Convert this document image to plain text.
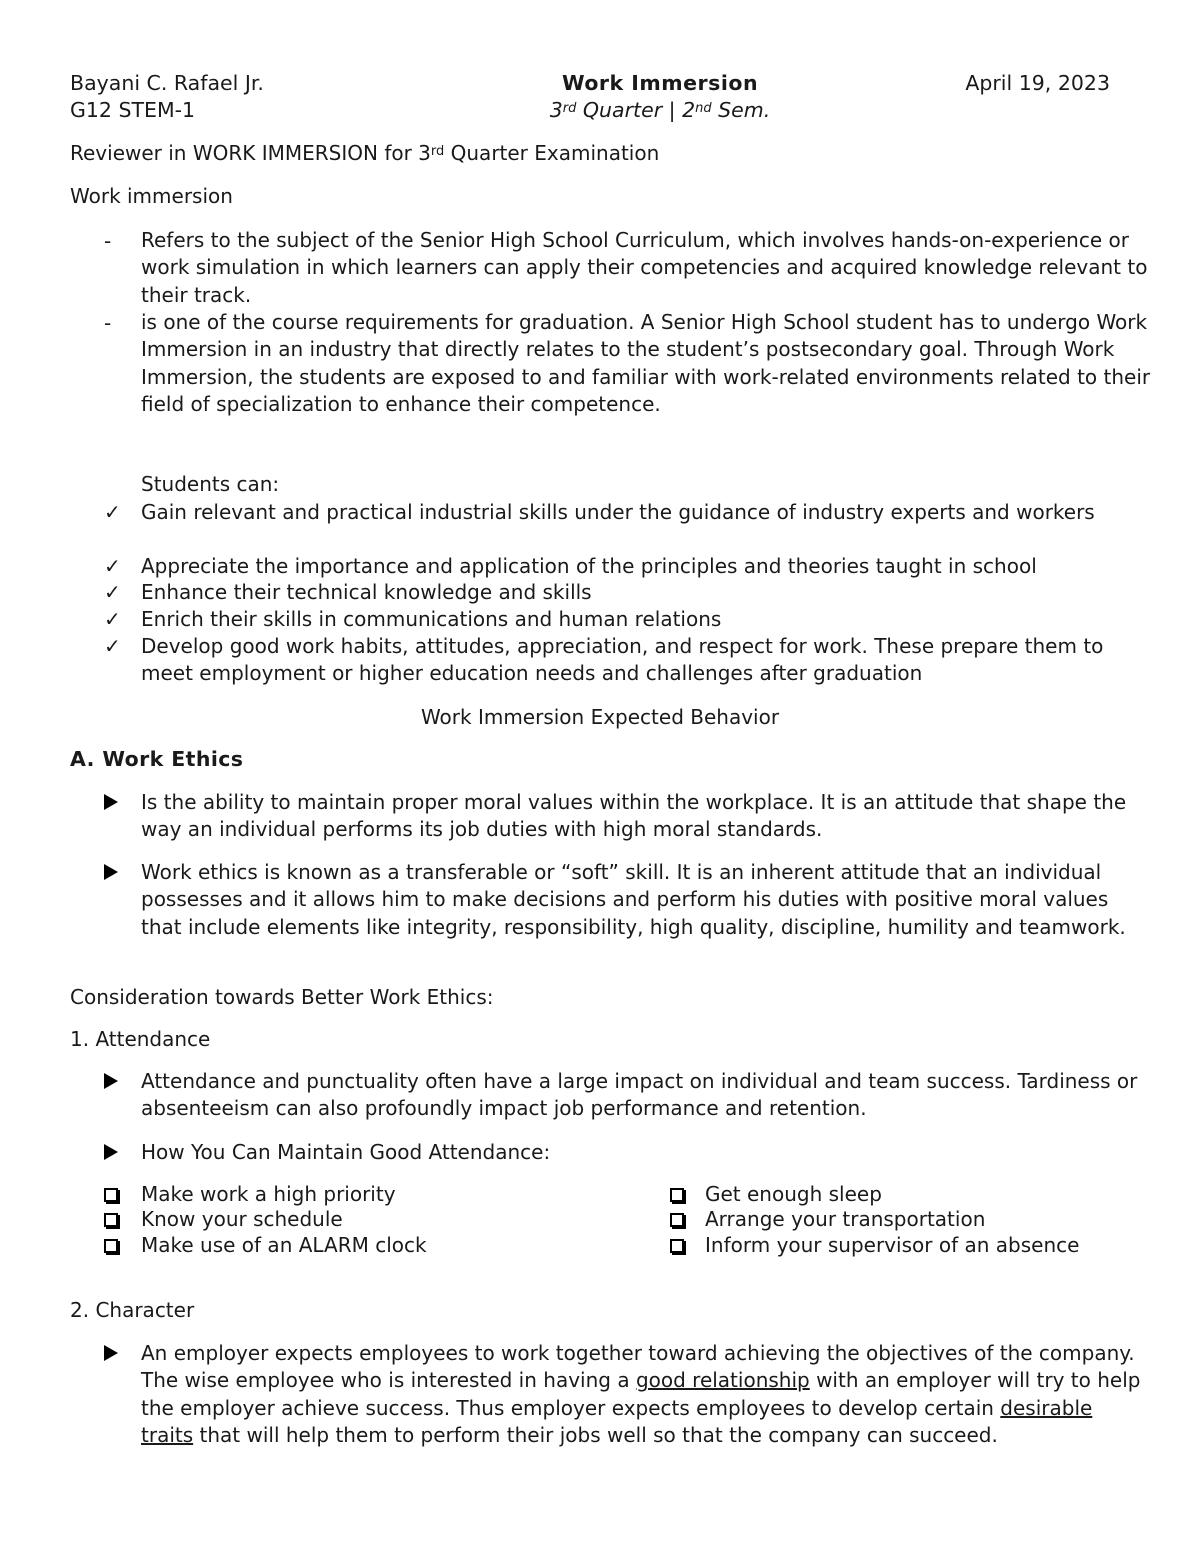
Bayani C. Rafael Jr.
G12 STEM-1
Work Immersion
3rd Quarter | 2nd Sem.
April 19, 2023
Reviewer in WORK IMMERSION for 3rd Quarter Examination
Work immersion
-	Refers to the subject of the Senior High School Curriculum, which involves hands-on-experience or work simulation in which learners can apply their competencies and acquired knowledge relevant to their track.
-	is one of the course requirements for graduation. A Senior High School student has to undergo Work Immersion in an industry that directly relates to the student’s postsecondary goal. Through Work Immersion, the students are exposed to and familiar with work-related environments related to their field of specialization to enhance their competence.
Students can:
✓	Gain relevant and practical industrial skills under the guidance of industry experts and workers
✓	Appreciate the importance and application of the principles and theories taught in school
✓	Enhance their technical knowledge and skills
✓	Enrich their skills in communications and human relations
✓	Develop good work habits, attitudes, appreciation, and respect for work. These prepare them to meet employment or higher education needs and challenges after graduation
Work Immersion Expected Behavior
A. Work Ethics
Is the ability to maintain proper moral values within the workplace. It is an attitude that shape the way an individual performs its job duties with high moral standards.
Work ethics is known as a transferable or “soft” skill. It is an inherent attitude that an individual possesses and it allows him to make decisions and perform his duties with positive moral values that include elements like integrity, responsibility, high quality, discipline, humility and teamwork.
Consideration towards Better Work Ethics:
1. Attendance
Attendance and punctuality often have a large impact on individual and team success. Tardiness or absenteeism can also profoundly impact job performance and retention.
How You Can Maintain Good Attendance:
Make work a high priority
Know your schedule
Make use of an ALARM clock
Get enough sleep
Arrange your transportation
Inform your supervisor of an absence
2. Character
An employer expects employees to work together toward achieving the objectives of the company. The wise employee who is interested in having a good relationship with an employer will try to help the employer achieve success. Thus employer expects employees to develop certain desirable traits that will help them to perform their jobs well so that the company can succeed.
